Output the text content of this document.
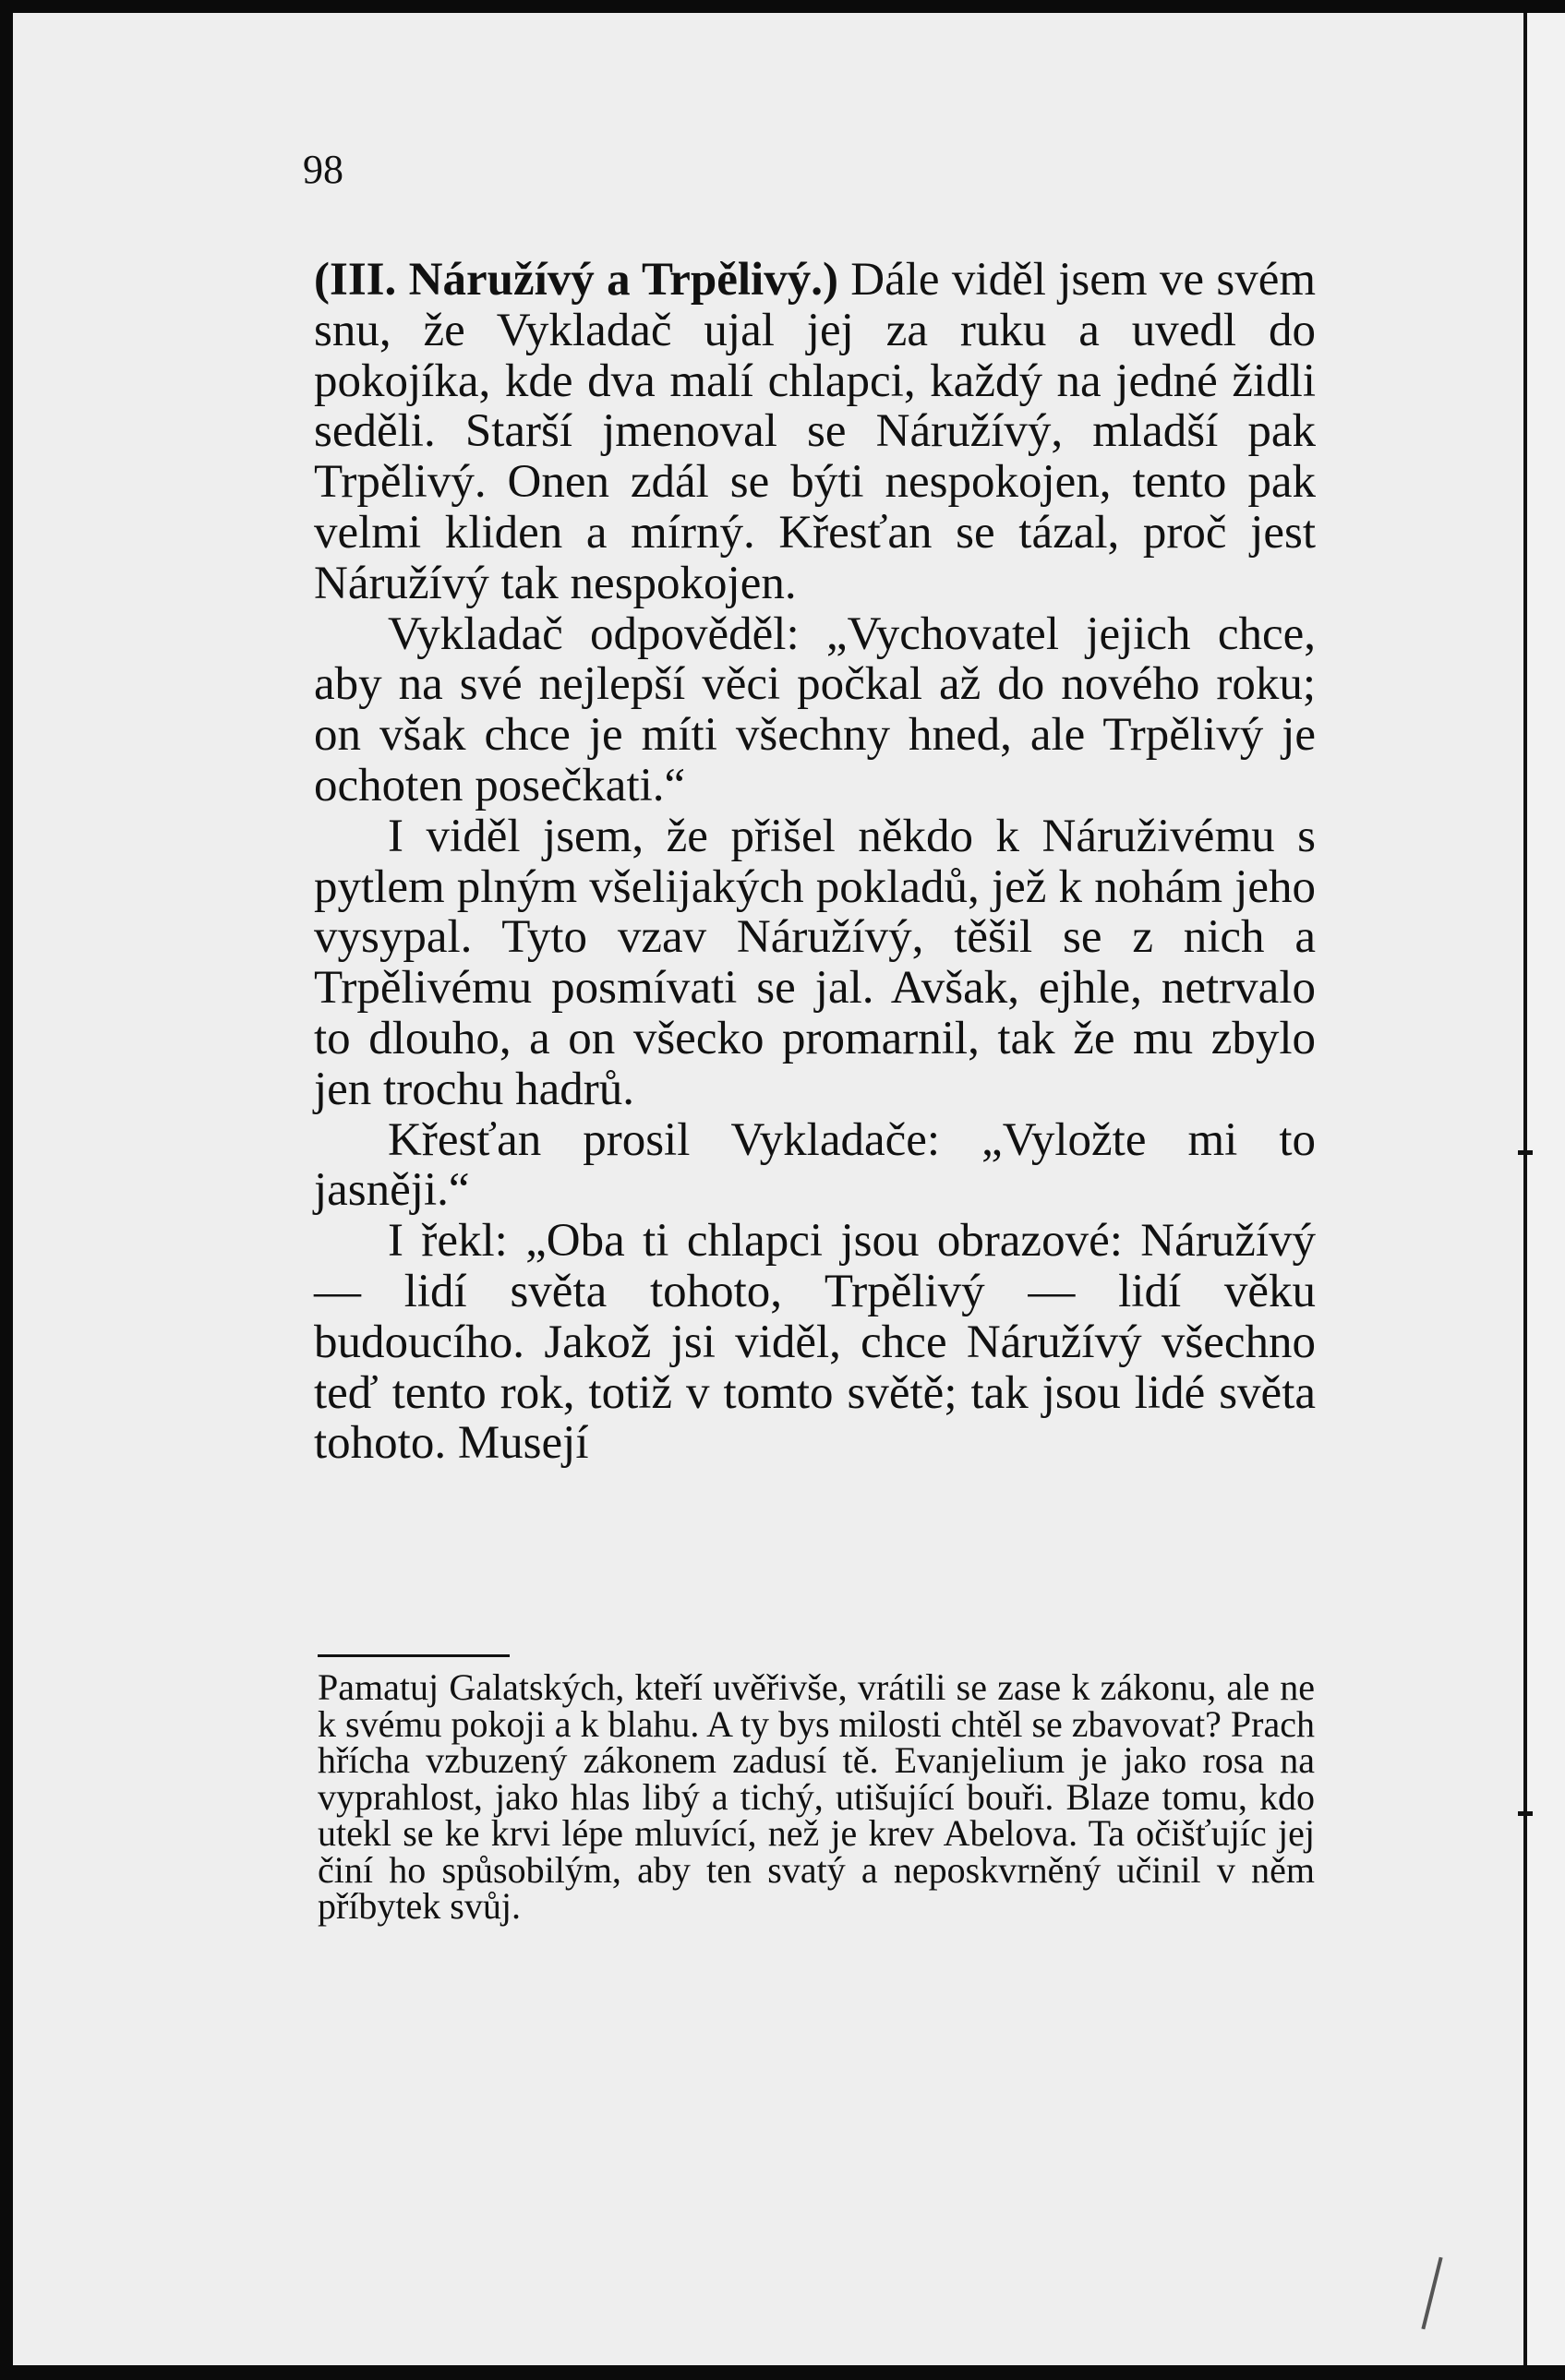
98

(III. Náružívý a Trpělivý.) Dále viděl jsem ve svém snu, že Vykladač ujal jej za ruku a uvedl do pokojíka, kde dva malí chlapci, každý na jedné židli seděli. Starší jmenoval se Náružívý, mladší pak Trpělivý. Onen zdál se býti nespokojen, tento pak velmi kliden a mírný. Křesťan se tázal, proč jest Náružívý tak nespokojen.

Vykladač odpověděl: „Vychovatel jejich chce, aby na své nejlepší věci počkal až do nového roku; on však chce je míti všechny hned, ale Trpělivý je ochoten posečkati.“

I viděl jsem, že přišel někdo k Náruživému s pytlem plným všelijakých pokladů, jež k nohám jeho vysypal. Tyto vzav Náružívý, těšil se z nich a Trpělivému posmívati se jal. Avšak, ejhle, netrvalo to dlouho, a on všecko promarnil, tak že mu zbylo jen trochu hadrů.

Křesťan prosil Vykladače: „Vyložte mi to jasněji.“

I řekl: „Oba ti chlapci jsou obrazové: Náružívý — lidí světa tohoto, Trpělivý — lidí věku budoucího. Jakož jsi viděl, chce Náružívý všechno teď tento rok, totiž v tomto světě; tak jsou lidé světa tohoto. Musejí

Pamatuj Galatských, kteří uvěřivše, vrátili se zase k zákonu, ale ne k svému pokoji a k blahu. A ty bys milosti chtěl se zbavovat? Prach hřícha vzbuzený zákonem zadusí tě. Evanjelium je jako rosa na vyprahlost, jako hlas libý a tichý, utišující bouři. Blaze tomu, kdo utekl se ke krvi lépe mluvící, než je krev Abelova. Ta očišťujíc jej činí ho spůsobilým, aby ten svatý a neposkvrněný učinil v něm příbytek svůj.
